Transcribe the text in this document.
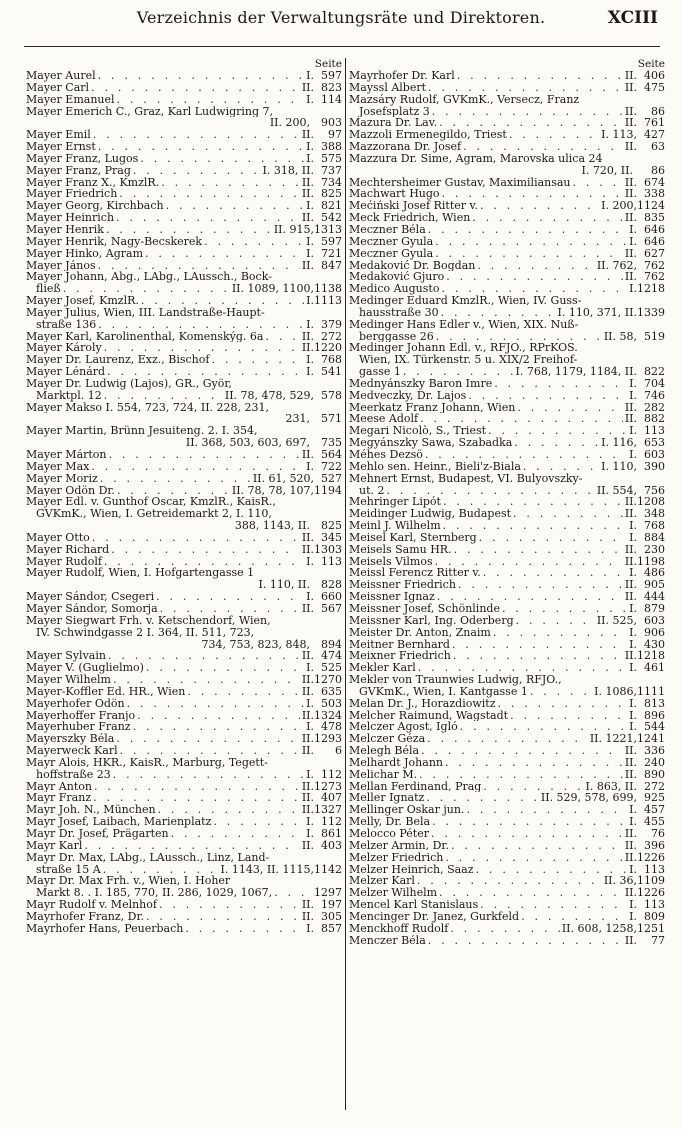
Verzeichnis der Verwaltungsräte und Direktoren.	XCIII
Seite
Mayer Aurel . . .	I. 597
Mayer Carl . . .	II. 823
Mayer Emanuel . . .	I. 114
Mayer Emerich C., Graz, Karl Ludwigring 7,
II. 200,	903
Mayer Emil . . .	II.	97
Mayer Ernst . . .	I. 388
Mayer Franz, Lugos . . .	I. 575
Mayer Franz, Prag . . .	I. 318, II. 737
Mayer Franz X., KmzlR. . . .	II. 734
Mayer Friedrich . . .	II. 825
Mayer Georg, Kirchbach . . .	I. 821
Mayer Heinrich . . .	II. 542
Mayer Henrik . . .	II. 915, 1313
Mayer Henrik, Nagy-Becskerek . . .	I. 597
Mayer Hinko, Agram . . .	I. 721
Mayer János . . .	II. 847
Mayer Johann, Abg., LAbg., LAussch., Bock-
fließ . . .	II. 1089, 1100, 1138
Mayer Josef, KmzlR. . . .	I. 1113
Mayer Julius, Wien, III. Landstraße-Haupt-
straße 136 . . .	I. 379
Mayer Karl, Karolinenthal, Komenskýg. 6a . . .	II. 272
Mayer Károly . . .	II. 1220
Mayer Dr. Laurenz, Exz., Bischof . . .	I. 768
Mayer Lénárd . . .	I. 541
Mayer Dr. Ludwig (Lajos), GR., Györ,
Marktpl. 12 . . .	II. 78, 478, 529, 578
Mayer Makso I. 554, 723, 724, II. 228, 231,
231,	571
Mayer Martin, Brünn Jesuiteng. 2. I. 354,
II. 368, 503, 603, 697,	735
Mayer Márton . . .	II. 564
Mayer Max . . .	I. 722
Mayer Moriz . . .	II. 61, 520, 527
Mayer Ödön Dr. . . .	II. 78, 78, 107, 1194
Mayer Edl. v. Gunthof Oscar, KmzlR., KaisR.,
GVKmK., Wien, I. Getreidemarkt 2, I. 110,
388, 1143, II.	825
Mayer Otto . . .	II. 345
Mayer Richard . . .	II. 1303
Mayer Rudolf . . .	I. 113
Mayer Rudolf, Wien, I. Hofgartengasse 1
I. 110, II.	828
Mayer Sándor, Csegeri . . .	I. 660
Mayer Sándor, Somorja . . .	II. 567
Mayer Siegwart Frh. v. Ketschendorf, Wien,
IV. Schwindgasse 2 I. 364, II. 511, 723,
734, 753, 823, 848,	894
Mayer Sylvain . . .	II. 474
Mayer V. (Guglielmo) . . .	I. 525
Mayer Wilhelm . . .	II. 1270
Mayer-Koffler Ed. HR., Wien . . .	II. 635
Mayerhofer Ödön . . .	I. 503
Mayerhoffer Franjo . . .	II. 1324
Mayerhuber Franz . . .	I. 478
Mayerszky Béla . . .	II. 1293
Mayerweck Karl . . .	II.	6
Mayr Alois, HKR., KaisR., Marburg, Tegett-
hoffstraße 23 . . .	I. 112
Mayr Anton . . .	II. 1273
Mayr Franz . . .	II. 407
Mayr Joh. N., München . . .	II. 1327
Mayr Josef, Laibach, Marienplatz . . .	I. 112
Mayr Dr. Josef, Prägarten . . .	I. 861
Mayr Karl . . .	II. 403
Mayr Dr. Max, LAbg., LAussch., Linz, Land-
straße 15 A . . .	I. 1143, II. 1115, 1142
Mayr Dr. Max Frh. v., Wien, I. Hoher
Markt 8. . I. 185, 770, II. 286, 1029, 1067, . . .	1297
Mayr Rudolf v. Melnhof . . .	II. 197
Mayrhofer Franz, Dr. . . .	II. 305
Mayrhofer Hans, Peuerbach . . .	I. 857
Seite
Mayrhofer Dr. Karl . . .	II. 406
Mayssl Albert . . .	II. 475
Mazsáry Rudolf, GVKmK., Versecz, Franz
Josefsplatz 3 . . .	II.	86
Mazura Dr. Lav. . . .	II. 761
Mazzoli Ermenegildo, Triest . . .	I. 113, 427
Mazzorana Dr. Josef . . .	II.	63
Mazzura Dr. Šime, Agram, Marovska ulica 24
I. 720, II.	86
Mechtersheimer Gustav, Maximiliansau . . .	II. 674
Machwart Hugo . . .	II. 338
Mećiński Josef Ritter v. . . .	I. 200, 1124
Meck Friedrich, Wien . . .	II. 835
Meczner Béla . . .	I. 646
Meczner Gyula . . .	I. 646
Meczner Gyula . . .	II. 627
Medaković Dr. Bogdan . . .	II. 762, 762
Medaković Gjuro . . .	II. 762
Medico Augusto . . .	I. 1218
Medinger Eduard KmzlR., Wien, IV. Guss-
hausstraße 30 . . .	I. 110, 371, II. 1339
Medinger Hans Edler v., Wien, XIX. Nuß-
berggasse 26 . . .	II. 58, 519
Medinger Johann Edl. v., RFJO., RPrKOS.
Wien, IX. Türkenstr. 5 u. XIX/2 Freihof-
gasse 1 . . .	I. 768, 1179, 1184, II. 822
Mednyánszky Baron Imre . . .	I. 704
Medveczky, Dr. Lajos . . .	I. 746
Meerkatz Franz Johann, Wien . . .	II. 282
Meese Adolf . . .	II. 882
Megari Nicolò, S., Triest . . .	I. 113
Megyánszky Sawa, Szabadka . . .	I. 116, 653
Méhes Dezsö . . .	I. 603
Mehlo sen. Heinr., Bieli'z-Biala . . .	I. 110, 390
Mehnert Ernst, Budapest, VI. Bulyovszky-
ut. 2 . . .	II. 554, 756
Mehringer Lipót . . .	II. 1208
Meidinger Ludwig, Budapest . . .	II. 348
Meinl J. Wilhelm . . .	I. 768
Meisel Karl, Sternberg . . .	I. 884
Meisels Samu HR. . . .	II. 230
Meisels Vilmos . . .	II. 1198
Meissl Ferencz Ritter v. . . .	I. 486
Meissner Friedrich . . .	II. 905
Meissner Ignaz . . .	II. 444
Meissner Josef, Schönlinde . . .	I. 879
Meissner Karl, Ing. Oderberg . . .	II. 525, 603
Meister Dr. Anton, Znaim . . .	I. 906
Meitner Bernhard . . .	I. 430
Meixner Friedrich . . .	II. 1218
Mekler Karl . . .	I. 461
Mekler von Traunwies Ludwig, RFJO.,
GVKmK., Wien, I. Kantgasse 1 . . .	I. 1086, 1111
Melan Dr. J., Horazdiowitz . . .	I. 813
Melcher Raimund, Wagstadt . . .	I. 896
Melczer Ágost, Igló . . .	I. 544
Melczer Géza . . .	II. 1221, 1241
Melegh Béla . . .	II. 336
Melhardt Johann . . .	II. 240
Melichar M. . . .	II. 890
Mellan Ferdinand, Prag . . .	I. 863, II. 272
Meller Ignatz . . .	II. 529, 578, 699, 925
Mellinger Oskar jun. . . .	I. 457
Melly, Dr. Bela . . .	I. 455
Melocco Péter . . .	II.	76
Melzer Armin, Dr. . . .	II. 396
Melzer Friedrich . . .	II. 1226
Melzer Heinrich, Saaz . . .	I. 113
Melzer Karl . . .	II. 36, 1109
Melzer Wilhelm . . .	II. 1226
Mencel Karl Stanislaus . . .	I. 113
Mencinger Dr. Janez, Gurkfeld . . .	I. 809
Menckhoff Rudolf . . .	II. 608, 1258, 1251
Menczer Béla . . .	II.	77
